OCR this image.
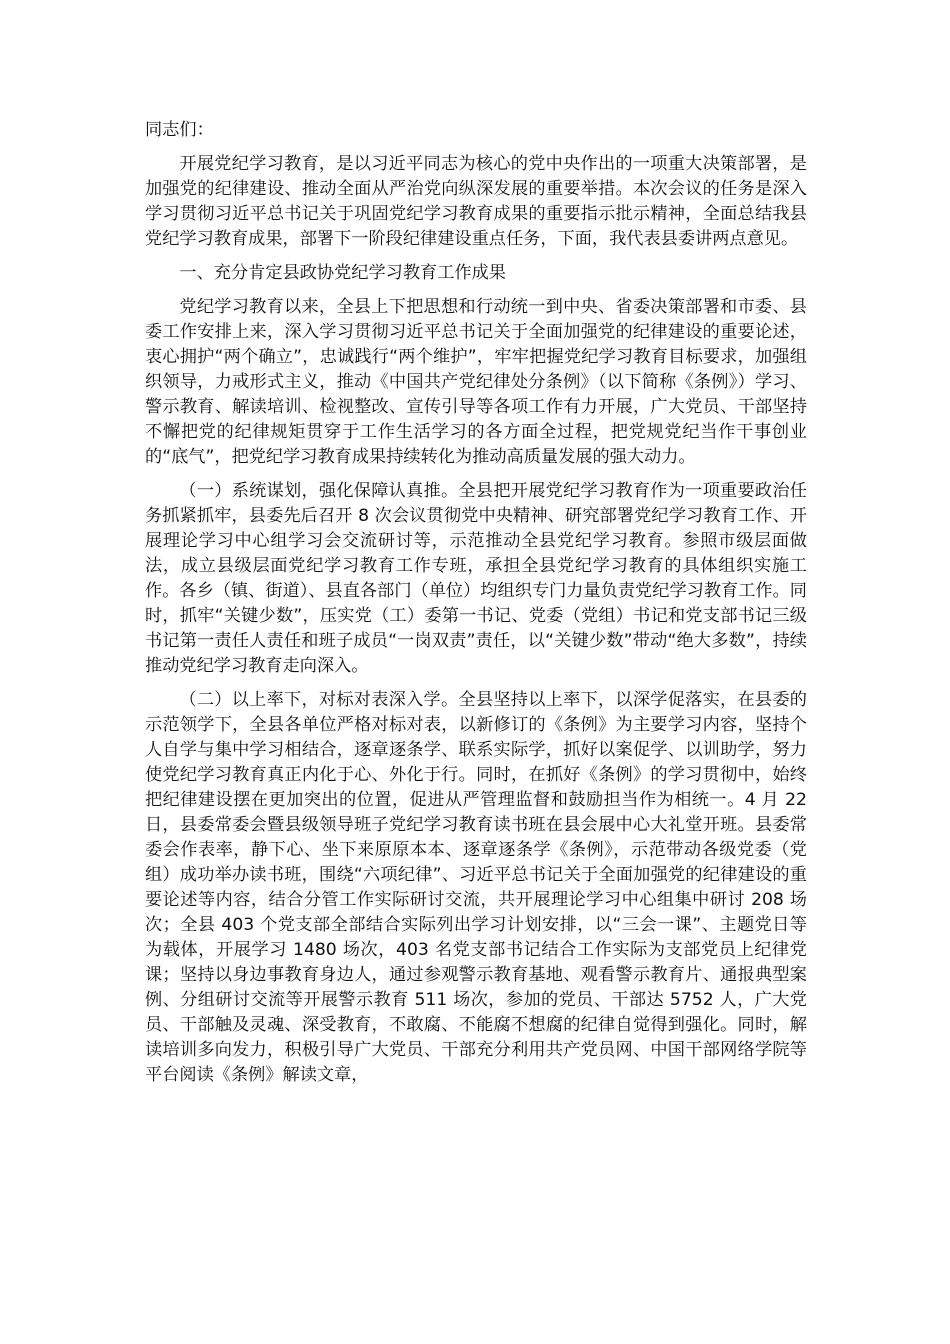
同志们：

开展党纪学习教育，是以习近平同志为核心的党中央作出的一项重大决策部署，是加强党的纪律建设、推动全面从严治党向纵深发展的重要举措。本次会议的任务是深入学习贯彻习近平总书记关于巩固党纪学习教育成果的重要指示批示精神，全面总结我县党纪学习教育成果，部署下一阶段纪律建设重点任务，下面，我代表县委讲两点意见。

一、充分肯定县政协党纪学习教育工作成果

党纪学习教育以来，全县上下把思想和行动统一到中央、省委决策部署和市委、县委工作安排上来，深入学习贯彻习近平总书记关于全面加强党的纪律建设的重要论述，衷心拥护“两个确立”，忠诚践行“两个维护”，牢牢把握党纪学习教育目标要求，加强组织领导，力戒形式主义，推动《中国共产党纪律处分条例》（以下简称《条例》）学习、警示教育、解读培训、检视整改、宣传引导等各项工作有力开展，广大党员、干部坚持不懈把党的纪律规矩贯穿于工作生活学习的各方面全过程，把党规党纪当作干事创业的“底气”，把党纪学习教育成果持续转化为推动高质量发展的强大动力。

（一）系统谋划，强化保障认真推。全县把开展党纪学习教育作为一项重要政治任务抓紧抓牢，县委先后召开 8 次会议贯彻党中央精神、研究部署党纪学习教育工作、开展理论学习中心组学习会交流研讨等，示范推动全县党纪学习教育。参照市级层面做法，成立县级层面党纪学习教育工作专班，承担全县党纪学习教育的具体组织实施工作。各乡（镇、街道）、县直各部门（单位）均组织专门力量负责党纪学习教育工作。同时，抓牢“关键少数”，压实党（工）委第一书记、党委（党组）书记和党支部书记三级书记第一责任人责任和班子成员“一岗双责”责任，以“关键少数”带动“绝大多数”，持续推动党纪学习教育走向深入。

（二）以上率下，对标对表深入学。全县坚持以上率下，以深学促落实，在县委的示范领学下，全县各单位严格对标对表，以新修订的《条例》为主要学习内容，坚持个人自学与集中学习相结合，逐章逐条学、联系实际学，抓好以案促学、以训助学，努力使党纪学习教育真正内化于心、外化于行。同时，在抓好《条例》的学习贯彻中，始终把纪律建设摆在更加突出的位置，促进从严管理监督和鼓励担当作为相统一。4 月 22 日，县委常委会暨县级领导班子党纪学习教育读书班在县会展中心大礼堂开班。县委常委会作表率，静下心、坐下来原原本本、逐章逐条学《条例》，示范带动各级党委（党组）成功举办读书班，围绕“六项纪律”、习近平总书记关于全面加强党的纪律建设的重要论述等内容，结合分管工作实际研讨交流，共开展理论学习中心组集中研讨 208 场次；全县 403 个党支部全部结合实际列出学习计划安排，以“三会一课”、主题党日等为载体，开展学习 1480 场次，403 名党支部书记结合工作实际为支部党员上纪律党课；坚持以身边事教育身边人，通过参观警示教育基地、观看警示教育片、通报典型案例、分组研讨交流等开展警示教育 511 场次，参加的党员、干部达 5752 人，广大党员、干部触及灵魂、深受教育，不敢腐、不能腐不想腐的纪律自觉得到强化。同时，解读培训多向发力，积极引导广大党员、干部充分利用共产党员网、中国干部网络学院等平台阅读《条例》解读文章，
